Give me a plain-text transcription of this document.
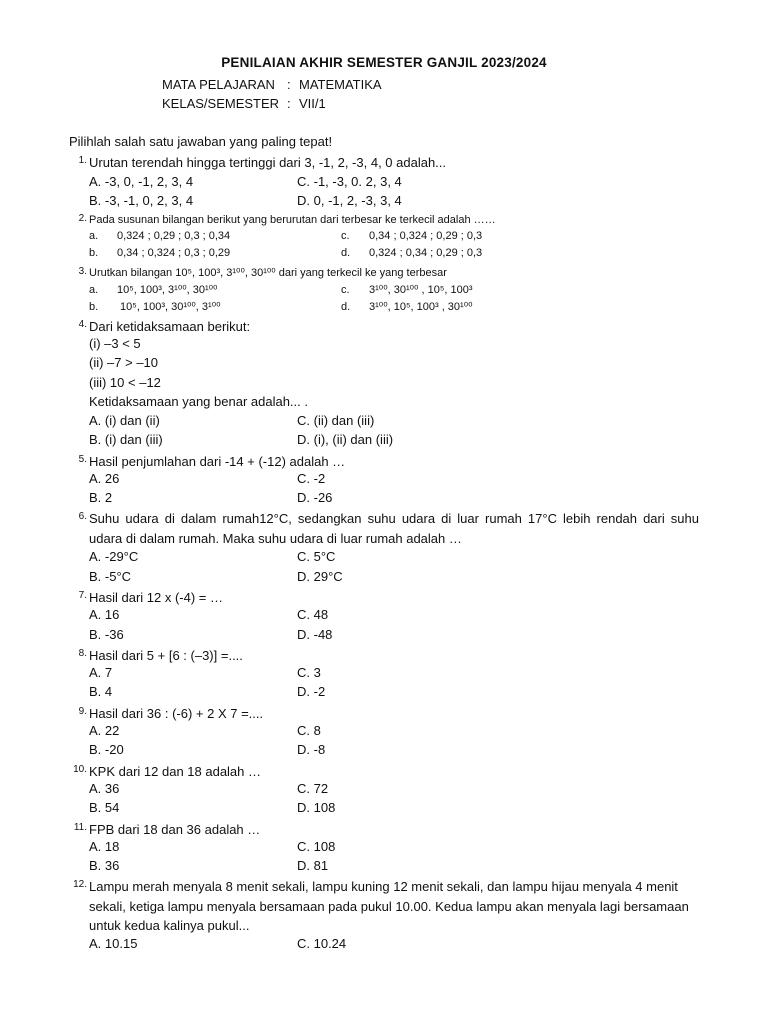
PENILAIAN AKHIR SEMESTER GANJIL 2023/2024
MATA PELAJARAN : MATEMATIKA
KELAS/SEMESTER : VII/1
Pilihlah salah satu jawaban yang paling tepat!
1. Urutan terendah hingga tertinggi dari 3, -1, 2, -3, 4, 0 adalah...
A. -3, 0, -1, 2, 3, 4	C. -1, -3, 0. 2, 3, 4
B. -3, -1, 0, 2, 3, 4	D. 0, -1, 2, -3, 3, 4
2. Pada susunan bilangan berikut yang berurutan dari terbesar ke terkecil adalah ……
a. 0,324 ; 0,29 ; 0,3 ; 0,34	c. 0,34 ; 0,324 ; 0,29 ; 0,3
b. 0,34 ; 0,324 ; 0,3 ; 0,29	d. 0,324 ; 0,34 ; 0,29 ; 0,3
3. Urutkan bilangan 10⁵, 100³, 3¹⁰⁰, 30¹⁰⁰ dari yang terkecil ke yang terbesar
a. 10⁵, 100³, 3¹⁰⁰, 30¹⁰⁰	c. 3¹⁰⁰, 30¹⁰⁰ , 10⁵, 100³
b. 10⁵, 100³, 30¹⁰⁰, 3¹⁰⁰	d. 3¹⁰⁰, 10⁵, 100³ , 30¹⁰⁰
4. Dari ketidaksamaan berikut:
(i) –3 < 5
(ii) –7 > –10
(iii) 10 < –12
Ketidaksamaan yang benar adalah... .
A. (i) dan (ii)	C. (ii) dan (iii)
B. (i) dan (iii)	D. (i), (ii) dan (iii)
5. Hasil penjumlahan dari -14 + (-12) adalah …
A. 26	C. -2
B. 2	D. -26
6. Suhu udara di dalam rumah12°C, sedangkan suhu udara di luar rumah 17°C lebih rendah dari suhu udara di dalam rumah. Maka suhu udara di luar rumah adalah …
A. -29°C	C. 5°C
B. -5°C	D. 29°C
7. Hasil dari 12 x (-4) = …
A. 16	C. 48
B. -36	D. -48
8. Hasil dari 5 + [6 : (–3)] =....
A. 7	C. 3
B. 4	D. -2
9. Hasil dari 36 : (-6) + 2 X 7 =....
A. 22	C. 8
B. -20	D. -8
10. KPK dari 12 dan 18 adalah …
A. 36	C. 72
B. 54	D. 108
11. FPB dari 18 dan 36 adalah …
A. 18	C. 108
B. 36	D. 81
12. Lampu merah menyala 8 menit sekali, lampu kuning 12 menit sekali, dan lampu hijau menyala 4 menit sekali, ketiga lampu menyala bersamaan pada pukul 10.00. Kedua lampu akan menyala lagi bersamaan untuk kedua kalinya pukul...
A. 10.15	C. 10.24
